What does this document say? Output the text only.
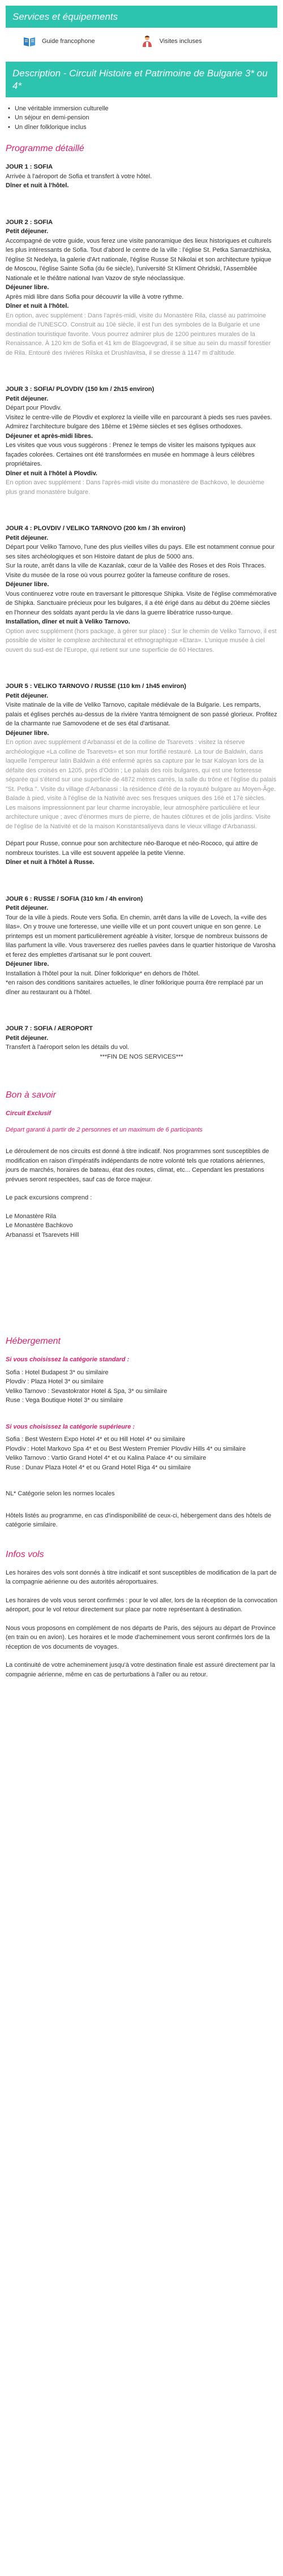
Services et équipements
Guide francophone	Visites incluses
Description - Circuit Histoire et Patrimoine de Bulgarie 3* ou 4*
• Une véritable immersion culturelle
• Un séjour en demi-pension
• Un dîner folklorique inclus
Programme détaillé

JOUR 1 : SOFIA

Arrivée à l'aéroport de Sofia et transfert à votre hôtel.

Dîner et nuit à l'hôtel.

JOUR 2 : SOFIA

Petit déjeuner.

Accompagné de votre guide, vous ferez une visite panoramique des lieux historiques et culturels les plus intéressants de Sofia. Tout d'abord le centre de la ville : l'église St. Petka Samardzhiska, l'église St Nedelya, la galerie d'Art nationale, l'église Russe St Nikolai et son architecture typique de Moscou, l'église Sainte Sofia (du 6e siècle), l'université St Kliment Ohridski, l'Assemblée Nationale et le théâtre national Ivan Vazov de style néoclassique.

Déjeuner libre.

Après midi libre dans Sofia pour découvrir la ville à votre rythme.

Dîner et nuit à l'hôtel.

En option, avec supplément : Dans l'après-midi, visite du Monastère Rila, classé au patrimoine mondial de l'UNESCO. Construit au 10è siècle, il est l'un des symboles de la Bulgarie et une destination touristique favorite. Vous pourrez admirer plus de 1200 peintures murales de la Renaissance. À 120 km de Sofia et 41 km de Blagoevgrad, il se situe au sein du massif forestier de Rila. Entouré des rivières Rilska et Drushlavitsa, il se dresse à 1147 m d'altitude.

JOUR 3 : SOFIA/ PLOVDIV (150 km / 2h15 environ)

Petit déjeuner.

Départ pour Plovdiv.

Visitez le centre-ville de Plovdiv et explorez la vieille ville en parcourant à pieds ses rues pavées. Admirez l'architecture bulgare des 18ème et 19ème siècles et ses églises orthodoxes.

Déjeuner et après-midi libres.

Les visites que vous vous suggérons : Prenez le temps de visiter les maisons typiques aux façades colorées. Certaines ont été transformées en musée en hommage à leurs célèbres propriétaires.

Dîner et nuit à l'hôtel à Plovdiv.

En option avec supplément : Dans l'après-midi visite du monastère de Bachkovo, le deuxième plus grand monastère bulgare.

JOUR 4 : PLOVDIV / VELIKO TARNOVO (200 km / 3h environ)

Petit déjeuner.

Départ pour Veliko Tarnovo, l'une des plus vieilles villes du pays. Elle est notamment connue pour ses sites archéologiques et son Histoire datant de plus de 5000 ans.

Sur la route, arrêt dans la ville de Kazanlak, cœur de la Vallée des Roses et des Rois Thraces. Visite du musée de la rose où vous pourrez goûter la fameuse confiture de roses.

Déjeuner libre.

Vous continuerez votre route en traversant le pittoresque Shipka. Visite de l'église commémorative de Shipka. Sanctuaire précieux pour les bulgares, il a été érigé dans au début du 20ème siècles en l'honneur des soldats ayant perdu la vie dans la guerre libératrice russo-turque.

Installation, dîner et nuit à Veliko Tarnovo.

Option avec supplément (hors package, à gérer sur place) : Sur le chemin de Veliko Tarnovo, il est possible de visiter le complexe architectural et ethnographique «Etara». L'unique musée à ciel ouvert du sud-est de l'Europe, qui retient sur une superficie de 60 Hectares.

JOUR 5 : VELIKO TARNOVO / RUSSE (110 km / 1h45 environ)

Petit déjeuner.

Visite matinale de la ville de Veliko Tarnovo, capitale médiévale de la Bulgarie. Les remparts, palais et églises perchés au-dessus de la rivière Yantra témoignent de son passé glorieux. Profitez de la charmante rue Samovodene et de ses étal d'artisanat.

Déjeuner libre.

En option avec supplément d'Arbanassi et de la colline de Tsarevets : visitez la réserve archéologique «La colline de Tsarevets» et son mur fortifié restauré. La tour de Baldwin, dans laquelle l'empereur latin Baldwin a été enfermé après sa capture par le tsar Kaloyan lors de la défaite des croisés en 1205, près d'Odrin ; Le palais des rois bulgares, qui est une forteresse séparée qui s'étend sur une superficie de 4872 mètres carrés, la salle du trône et l'église du palais "St. Petka ". Visite du village d'Arbanassi : la résidence d'été de la royauté bulgare au Moyen-Âge. Balade à pied, visite à l'église de la Nativité avec ses fresques uniques des 16è et 17è siècles. Les maisons impressionnent par leur charme incroyable, leur atmosphère particulière et leur architecture unique ; avec d'énormes murs de pierre, de hautes clôtures et de jolis jardins. Visite de l'église de la Nativité et de la maison Konstantsaliyeva dans le vieux village d'Arbanassi.

Départ pour Russe, connue pour son architecture néo-Baroque et néo-Rococo, qui attire de nombreux touristes. La ville est souvent appelée la petite Vienne.

Dîner et nuit à l'hôtel à Russe.

JOUR 6 : RUSSE / SOFIA (310 km / 4h environ)

Petit déjeuner.

Tour de la ville à pieds. Route vers Sofia. En chemin, arrêt dans la ville de Lovech, la «ville des lilas». On y trouve une forteresse, une vieille ville et un pont couvert unique en son genre. Le printemps est un moment particulièrement agréable à visiter, lorsque de nombreux buissons de lilas parfument la ville. Vous traverserez des ruelles pavées dans le quartier historique de Varosha et ferez des emplettes d'artisanat sur le pont couvert.

Déjeuner libre.

Installation à l'hôtel pour la nuit. Dîner folklorique* en dehors de l'hôtel.

*en raison des conditions sanitaires actuelles, le dîner folklorique pourra être remplacé par un dîner au restaurant ou à l'hôtel.

JOUR 7 : SOFIA / AEROPORT

Petit déjeuner.

Transfert à l'aéroport selon les détails du vol.

***FIN DE NOS SERVICES***

Bon à savoir

Circuit Exclusif

Départ garanti à partir de 2 personnes et un maximum de 6 participants

Le déroulement de nos circuits est donné à titre indicatif. Nos programmes sont susceptibles de modification en raison d'impératifs indépendants de notre volonté tels que rotations aériennes, jours de marchés, horaires de bateau, état des routes, climat, etc... Cependant les prestations prévues seront respectées, sauf cas de force majeur.

Le pack excursions comprend :

Le Monastère Rila

Le Monastère Bachkovo

Arbanassi et Tsarevets Hill

Hébergement

Si vous choisissez la catégorie standard :

Sofia : Hotel Budapest 3* ou similaire

Plovdiv : Plaza Hotel 3* ou similaire

Veliko Tarnovo : Sevastokrator Hotel & Spa, 3* ou similaire

Ruse : Vega Boutique Hotel 3* ou similaire

Si vous choisissez la catégorie supérieure :

Sofia : Best Western Expo Hotel 4* et ou Hill Hotel 4* ou similaire

Plovdiv : Hotel Markovo Spa 4* et ou Best Western Premier Plovdiv Hills 4* ou similaire

Veliko Tarnovo : Vartio Grand Hotel 4* et ou Kalina Palace 4* ou similaire

Ruse : Dunav Plaza Hotel 4* et ou Grand Hotel Riga 4* ou similaire

NL* Catégorie selon les normes locales

Hôtels listés au programme, en cas d'indisponibilité de ceux-ci, hébergement dans des hôtels de catégorie similaire.

Infos vols

Les horaires des vols sont donnés à titre indicatif et sont susceptibles de modification de la part de la compagnie aérienne ou des autorités aéroportuaires.

Les horaires de vols vous seront confirmés : pour le vol aller, lors de la réception de la convocation aéroport, pour le vol retour directement sur place par notre représentant à destination.

Nous vous proposons en complément de nos départs de Paris, des séjours au départ de Province (en train ou en avion). Les horaires et le mode d'acheminement vous seront confirmés lors de la réception de vos documents de voyages.

La continuité de votre acheminement jusqu'à votre destination finale est assuré directement par la compagnie aérienne, même en cas de perturbations à l'aller ou au retour.
